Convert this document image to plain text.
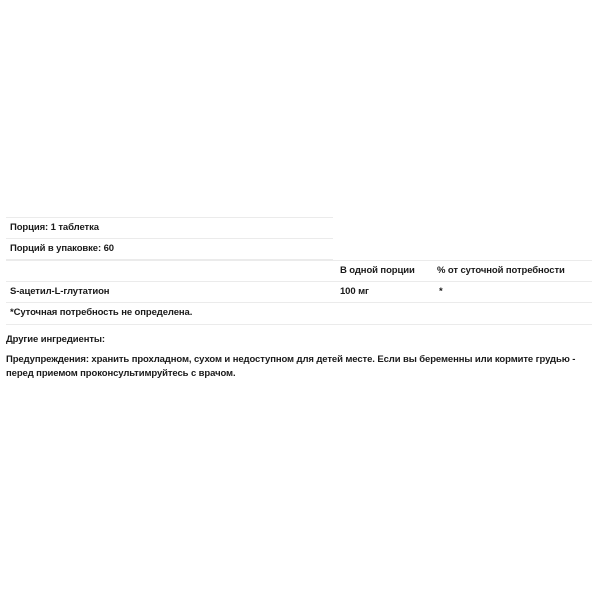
Порция: 1 таблетка
Порций в упаковке: 60
В одной порции % от суточной потребности
S-ацетил-L-глутатион	100 мг	*
*Суточная потребность не определена.
Другие ингредиенты:
Предупреждения: хранить прохладном, сухом и недоступном для детей месте. Если вы беременны или кормите грудью -
перед приемом проконсультимруйтесь с врачом.
